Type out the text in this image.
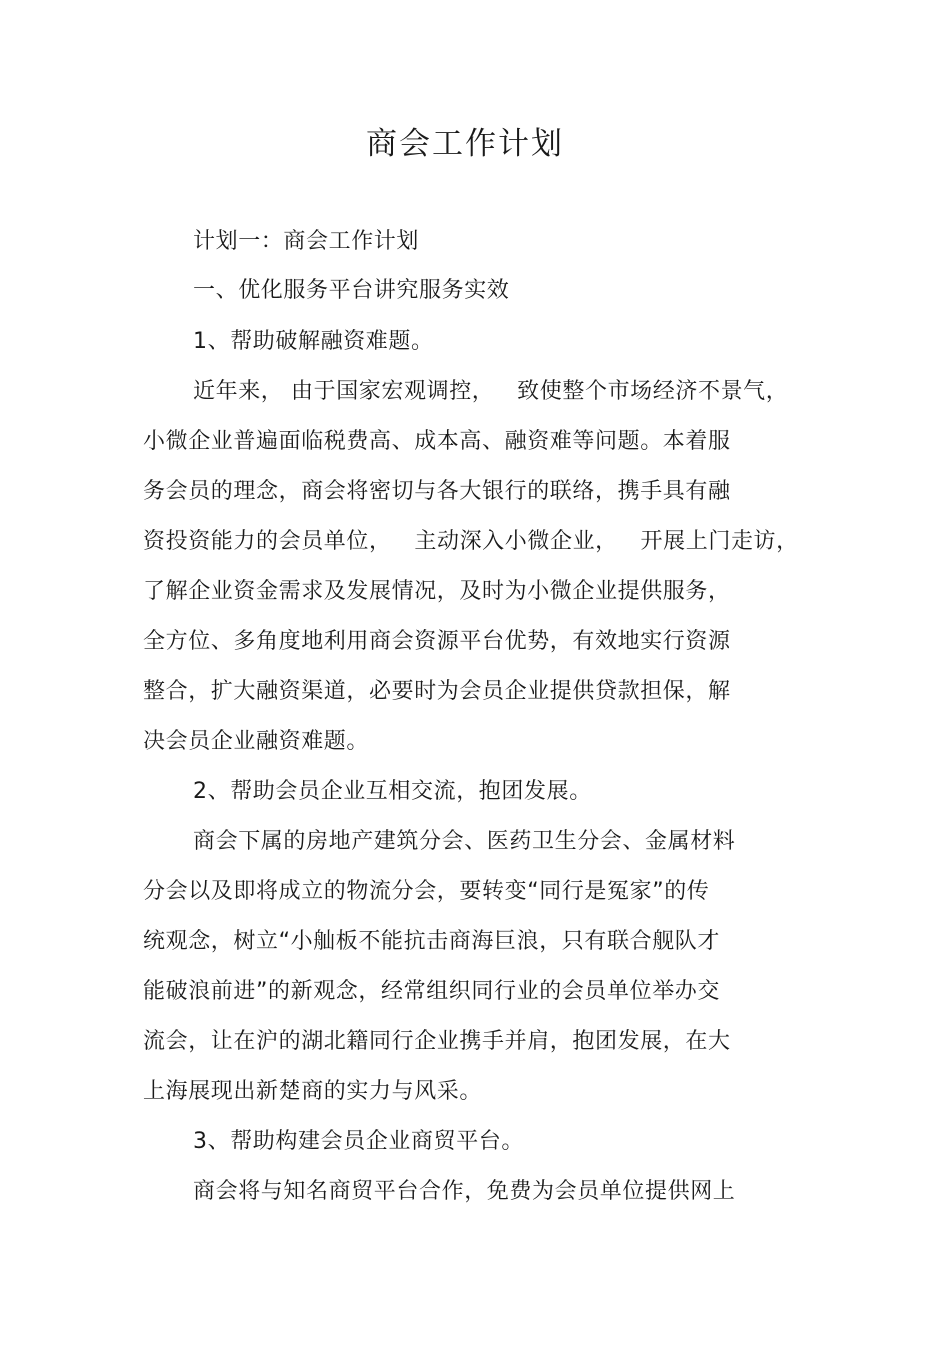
商会工作计划
计划一：商会工作计划
一、优化服务平台讲究服务实效
1、帮助破解融资难题。
近年来， 由于国家宏观调控，   致使整个市场经济不景气，
小微企业普遍面临税费高、成本高、融资难等问题。本着服
务会员的理念，商会将密切与各大银行的联络，携手具有融
资投资能力的会员单位，   主动深入小微企业，   开展上门走访，
了解企业资金需求及发展情况，及时为小微企业提供服务，
全方位、多角度地利用商会资源平台优势，有效地实行资源
整合，扩大融资渠道，必要时为会员企业提供贷款担保，解
决会员企业融资难题。
2、帮助会员企业互相交流，抱团发展。
商会下属的房地产建筑分会、医药卫生分会、金属材料
分会以及即将成立的物流分会，要转变“同行是冤家”的传
统观念，树立“小舢板不能抗击商海巨浪，只有联合舰队才
能破浪前进”的新观念，经常组织同行业的会员单位举办交
流会，让在沪的湖北籍同行企业携手并肩，抱团发展，在大
上海展现出新楚商的实力与风采。
3、帮助构建会员企业商贸平台。
商会将与知名商贸平台合作，免费为会员单位提供网上
